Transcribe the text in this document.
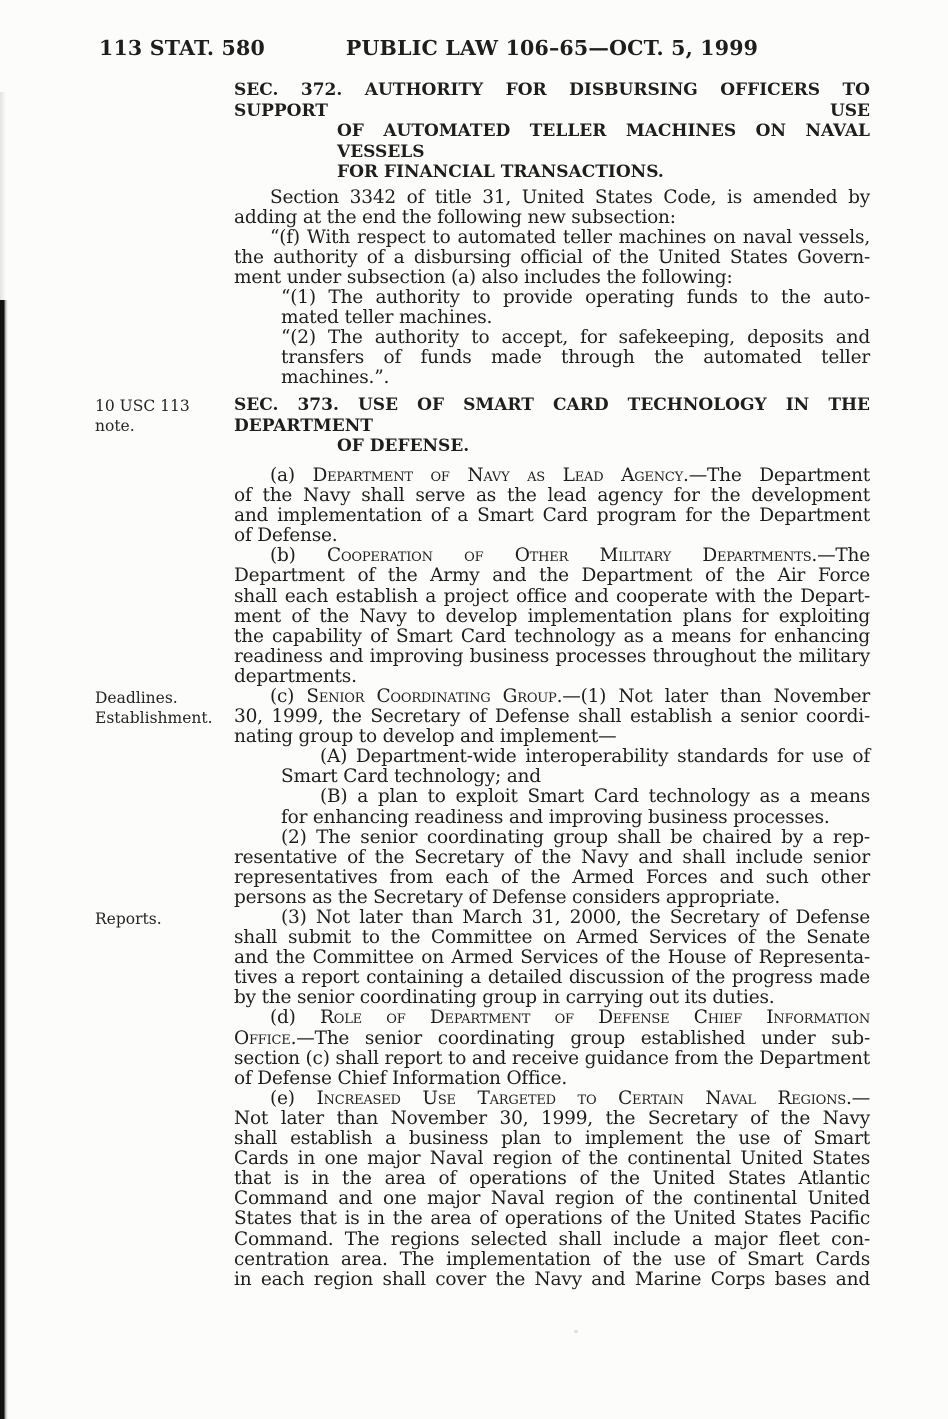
113 STAT. 580	PUBLIC LAW 106–65—OCT. 5, 1999
SEC. 372. AUTHORITY FOR DISBURSING OFFICERS TO SUPPORT USE
OF AUTOMATED TELLER MACHINES ON NAVAL VESSELS
FOR FINANCIAL TRANSACTIONS.
Section 3342 of title 31, United States Code, is amended by
adding at the end the following new subsection:
“(f) With respect to automated teller machines on naval vessels,
the authority of a disbursing official of the United States Govern-
ment under subsection (a) also includes the following:
“(1) The authority to provide operating funds to the auto-
mated teller machines.
“(2) The authority to accept, for safekeeping, deposits and
transfers of funds made through the automated teller
machines.”.
10 USC 113 note.
SEC. 373. USE OF SMART CARD TECHNOLOGY IN THE DEPARTMENT
OF DEFENSE.
(a) Department of Navy as Lead Agency.—The Department
of the Navy shall serve as the lead agency for the development
and implementation of a Smart Card program for the Department
of Defense.
(b) Cooperation of Other Military Departments.—The
Department of the Army and the Department of the Air Force
shall each establish a project office and cooperate with the Depart-
ment of the Navy to develop implementation plans for exploiting
the capability of Smart Card technology as a means for enhancing
readiness and improving business processes throughout the military
departments.
Deadlines.
Establishment.
(c) Senior Coordinating Group.—(1) Not later than November
30, 1999, the Secretary of Defense shall establish a senior coordi-
nating group to develop and implement—
(A) Department-wide interoperability standards for use of
Smart Card technology; and
(B) a plan to exploit Smart Card technology as a means
for enhancing readiness and improving business processes.
(2) The senior coordinating group shall be chaired by a rep-
resentative of the Secretary of the Navy and shall include senior
representatives from each of the Armed Forces and such other
persons as the Secretary of Defense considers appropriate.
Reports.	(3) Not later than March 31, 2000, the Secretary of Defense
shall submit to the Committee on Armed Services of the Senate
and the Committee on Armed Services of the House of Representa-
tives a report containing a detailed discussion of the progress made
by the senior coordinating group in carrying out its duties.
(d) Role of Department of Defense Chief Information
Office.—The senior coordinating group established under sub-
section (c) shall report to and receive guidance from the Department
of Defense Chief Information Office.
(e) Increased Use Targeted to Certain Naval Regions.—
Not later than November 30, 1999, the Secretary of the Navy
shall establish a business plan to implement the use of Smart
Cards in one major Naval region of the continental United States
that is in the area of operations of the United States Atlantic
Command and one major Naval region of the continental United
States that is in the area of operations of the United States Pacific
Command. The regions selected shall include a major fleet con-
centration area. The implementation of the use of Smart Cards
in each region shall cover the Navy and Marine Corps bases and
